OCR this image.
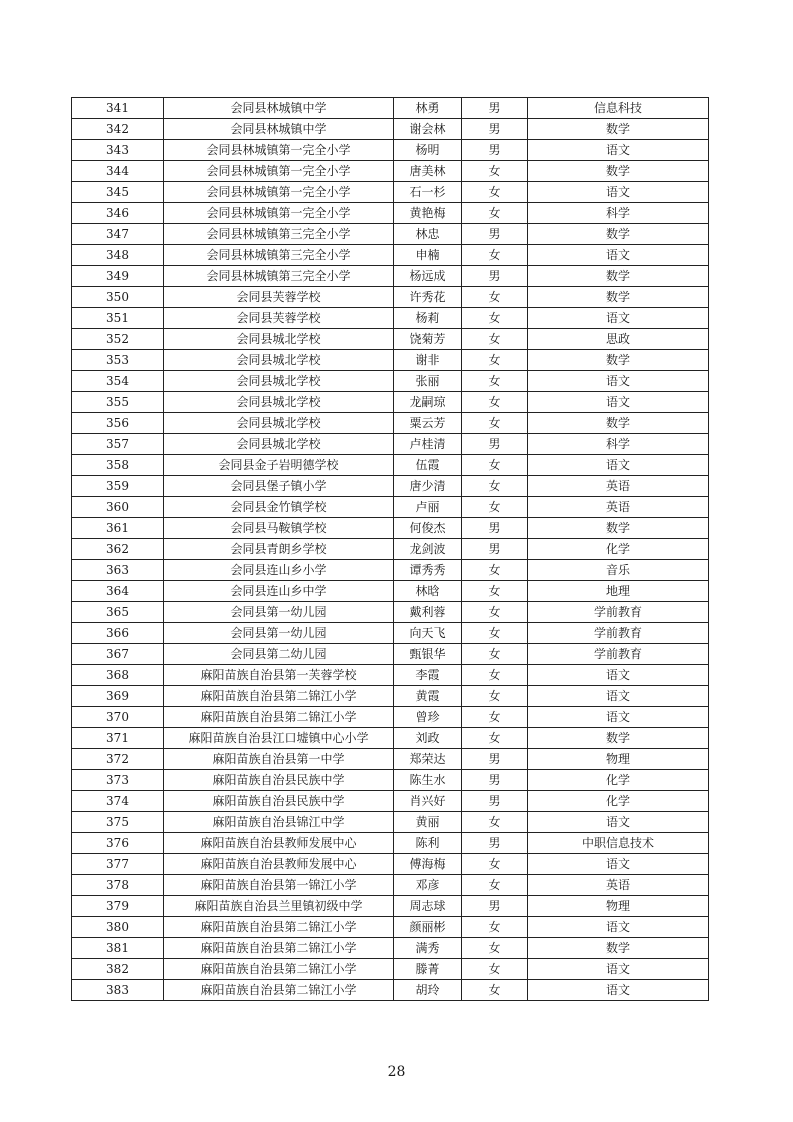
341	会同县林城镇中学	林勇	男	信息科技
342	会同县林城镇中学	谢会林	男	数学
343	会同县林城镇第一完全小学	杨明	男	语文
344	会同县林城镇第一完全小学	唐美林	女	数学
345	会同县林城镇第一完全小学	石一杉	女	语文
346	会同县林城镇第一完全小学	黄艳梅	女	科学
347	会同县林城镇第三完全小学	林忠	男	数学
348	会同县林城镇第三完全小学	申楠	女	语文
349	会同县林城镇第三完全小学	杨远成	男	数学
350	会同县芙蓉学校	许秀花	女	数学
351	会同县芙蓉学校	杨莉	女	语文
352	会同县城北学校	饶菊芳	女	思政
353	会同县城北学校	谢非	女	数学
354	会同县城北学校	张丽	女	语文
355	会同县城北学校	龙嗣琼	女	语文
356	会同县城北学校	粟云芳	女	数学
357	会同县城北学校	卢桂清	男	科学
358	会同县金子岩明德学校	伍霞	女	语文
359	会同县堡子镇小学	唐少清	女	英语
360	会同县金竹镇学校	卢丽	女	英语
361	会同县马鞍镇学校	何俊杰	男	数学
362	会同县青朗乡学校	龙剑波	男	化学
363	会同县连山乡小学	谭秀秀	女	音乐
364	会同县连山乡中学	林晗	女	地理
365	会同县第一幼儿园	戴利蓉	女	学前教育
366	会同县第一幼儿园	向天飞	女	学前教育
367	会同县第二幼儿园	甄银华	女	学前教育
368	麻阳苗族自治县第一芙蓉学校	李霞	女	语文
369	麻阳苗族自治县第二锦江小学	黄霞	女	语文
370	麻阳苗族自治县第二锦江小学	曾珍	女	语文
371	麻阳苗族自治县江口墟镇中心小学	刘政	女	数学
372	麻阳苗族自治县第一中学	郑荣达	男	物理
373	麻阳苗族自治县民族中学	陈生水	男	化学
374	麻阳苗族自治县民族中学	肖兴好	男	化学
375	麻阳苗族自治县锦江中学	黄丽	女	语文
376	麻阳苗族自治县教师发展中心	陈利	男	中职信息技术
377	麻阳苗族自治县教师发展中心	傅海梅	女	语文
378	麻阳苗族自治县第一锦江小学	邓彦	女	英语
379	麻阳苗族自治县兰里镇初级中学	周志球	男	物理
380	麻阳苗族自治县第二锦江小学	颜丽彬	女	语文
381	麻阳苗族自治县第二锦江小学	满秀	女	数学
382	麻阳苗族自治县第二锦江小学	滕菁	女	语文
383	麻阳苗族自治县第二锦江小学	胡玲	女	语文
28
